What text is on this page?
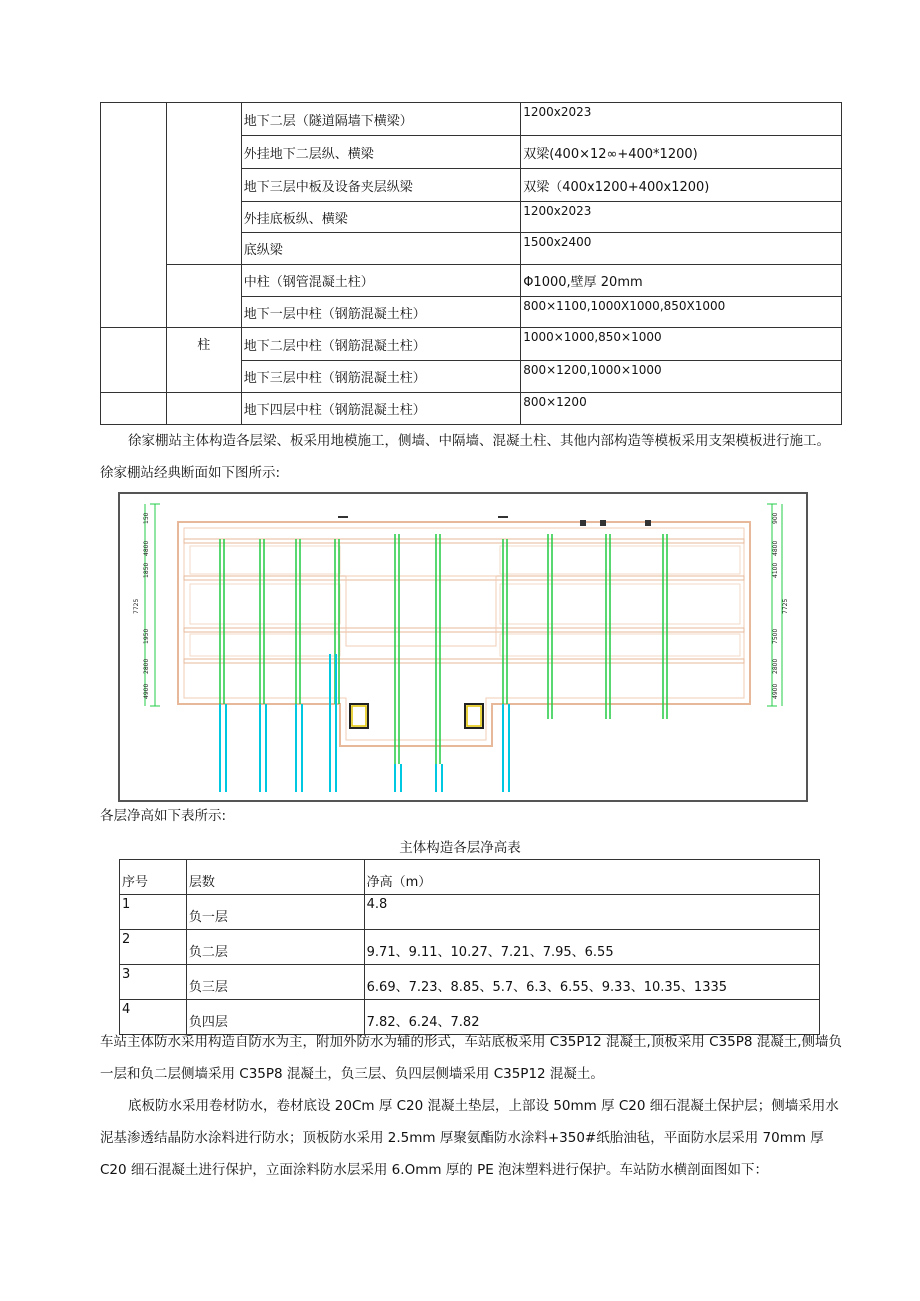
		地下二层（隧道隔墙下横梁）	1200x2023
		外挂地下二层纵、横梁	双梁(400×12∞+400*1200)
		地下三层中板及设备夹层纵梁	双梁（400x1200+400x1200)
		外挂底板纵、横梁	1200x2023
		底纵梁	1500x2400
		中柱（钢管混凝土柱）	Φ1000,壁厚 20mm
		地下一层中柱（钢筋混凝土柱）	800×1100,1000X1000,850X1000
	柱	地下二层中柱（钢筋混凝土柱）	1000×1000,850×1000
		地下三层中柱（钢筋混凝土柱）	800×1200,1000×1000
		地下四层中柱（钢筋混凝土柱）	800×1200

徐家棚站主体构造各层梁、板采用地模施工，侧墙、中隔墙、混凝土柱、其他内部构造等模板采用支架模板进行施工。徐家棚站经典断面如下图所示:

150
4800
1850
1950
7725
2800
4900
900
4800
4100
7725
7500
2800
4900

各层净高如下表所示:

主体构造各层净高表
序号	层数	净高（m）
1	负一层	4.8
2	负二层	9.71、9.11、10.27、7.21、7.95、6.55
3	负三层	6.69、7.23、8.85、5.7、6.3、6.55、9.33、10.35、1335
4	负四层	7.82、6.24、7.82

车站主体防水采用构造自防水为主，附加外防水为辅的形式，车站底板采用 C35P12 混凝土,顶板采用 C35P8 混凝土,侧墙负一层和负二层侧墙采用 C35P8 混凝土，负三层、负四层侧墙采用 C35P12 混凝土。

底板防水采用卷材防水，卷材底设 20Cm 厚 C20 混凝土垫层，上部设 50mm 厚 C20 细石混凝土保护层；侧墙采用水泥基渗透结晶防水涂料进行防水；顶板防水采用 2.5mm 厚聚氨酯防水涂料+350#纸胎油毡，平面防水层采用 70mm 厚 C20 细石混凝土进行保护，立面涂料防水层采用 6.Omm 厚的 PE 泡沫塑料进行保护。车站防水横剖面图如下：
